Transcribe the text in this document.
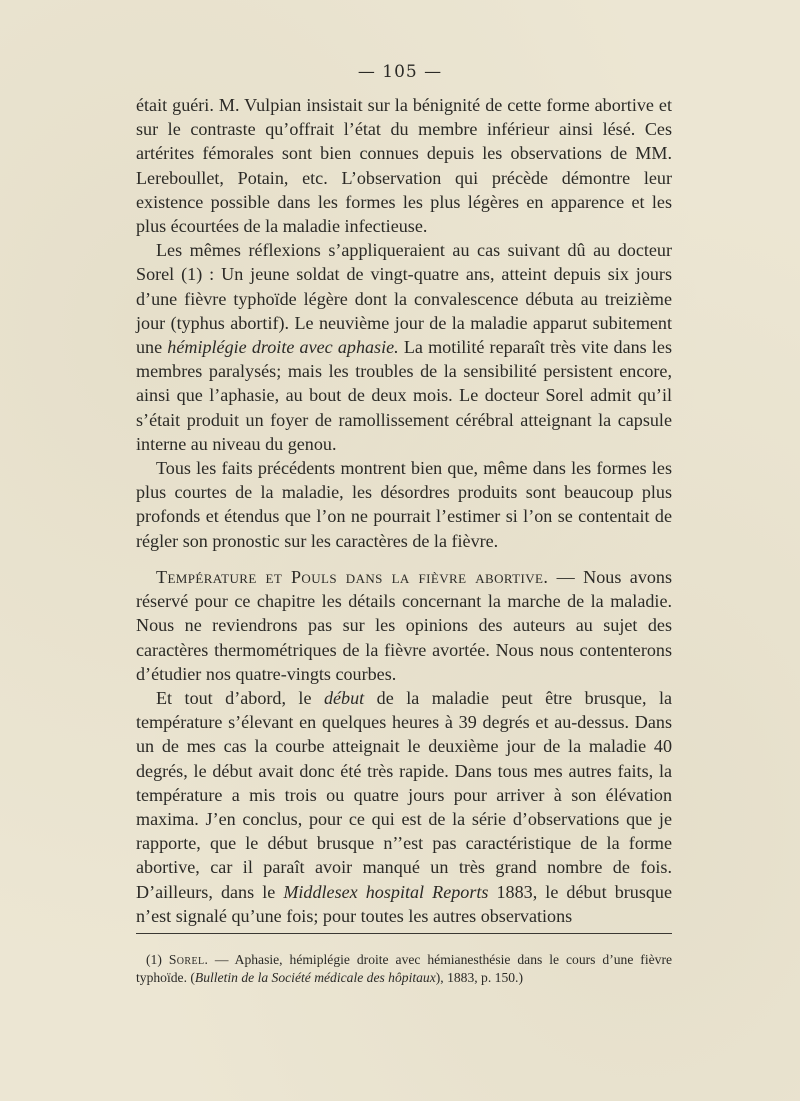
— 105 —

était guéri. M. Vulpian insistait sur la bénignité de cette forme abortive et sur le contraste qu’offrait l’état du membre inférieur ainsi lésé. Ces artérites fémorales sont bien connues depuis les observations de MM. Lereboullet, Potain, etc. L’observation qui précède démontre leur existence possible dans les formes les plus légères en apparence et les plus écourtées de la maladie infectieuse.

Les mêmes réflexions s’appliqueraient au cas suivant dû au docteur Sorel (1) : Un jeune soldat de vingt-quatre ans, atteint depuis six jours d’une fièvre typhoïde légère dont la convalescence débuta au treizième jour (typhus abortif). Le neuvième jour de la maladie apparut subitement une hémiplégie droite avec aphasie. La motilité reparaît très vite dans les membres paralysés; mais les troubles de la sensibilité persistent encore, ainsi que l’aphasie, au bout de deux mois. Le docteur Sorel admit qu’il s’était produit un foyer de ramollissement cérébral atteignant la capsule interne au niveau du genou.

Tous les faits précédents montrent bien que, même dans les formes les plus courtes de la maladie, les désordres produits sont beaucoup plus profonds et étendus que l’on ne pourrait l’estimer si l’on se contentait de régler son pronostic sur les caractères de la fièvre.

Température et Pouls dans la fièvre abortive. — Nous avons réservé pour ce chapitre les détails concernant la marche de la maladie. Nous ne reviendrons pas sur les opinions des auteurs au sujet des caractères thermométriques de la fièvre avortée. Nous nous contenterons d’étudier nos quatre-vingts courbes.

Et tout d’abord, le début de la maladie peut être brusque, la température s’élevant en quelques heures à 39 degrés et au-dessus. Dans un de mes cas la courbe atteignait le deuxième jour de la maladie 40 degrés, le début avait donc été très rapide. Dans tous mes autres faits, la température a mis trois ou quatre jours pour arriver à son élévation maxima. J’en conclus, pour ce qui est de la série d’observations que je rapporte, que le début brusque n’’est pas caractéristique de la forme abortive, car il paraît avoir manqué un très grand nombre de fois. D’ailleurs, dans le Middlesex hospital Reports 1883, le début brusque n’est signalé qu’une fois; pour toutes les autres observations

(1) Sorel. — Aphasie, hémiplégie droite avec hémianesthésie dans le cours d’une fièvre typhoïde. (Bulletin de la Société médicale des hôpitaux), 1883, p. 150.)
